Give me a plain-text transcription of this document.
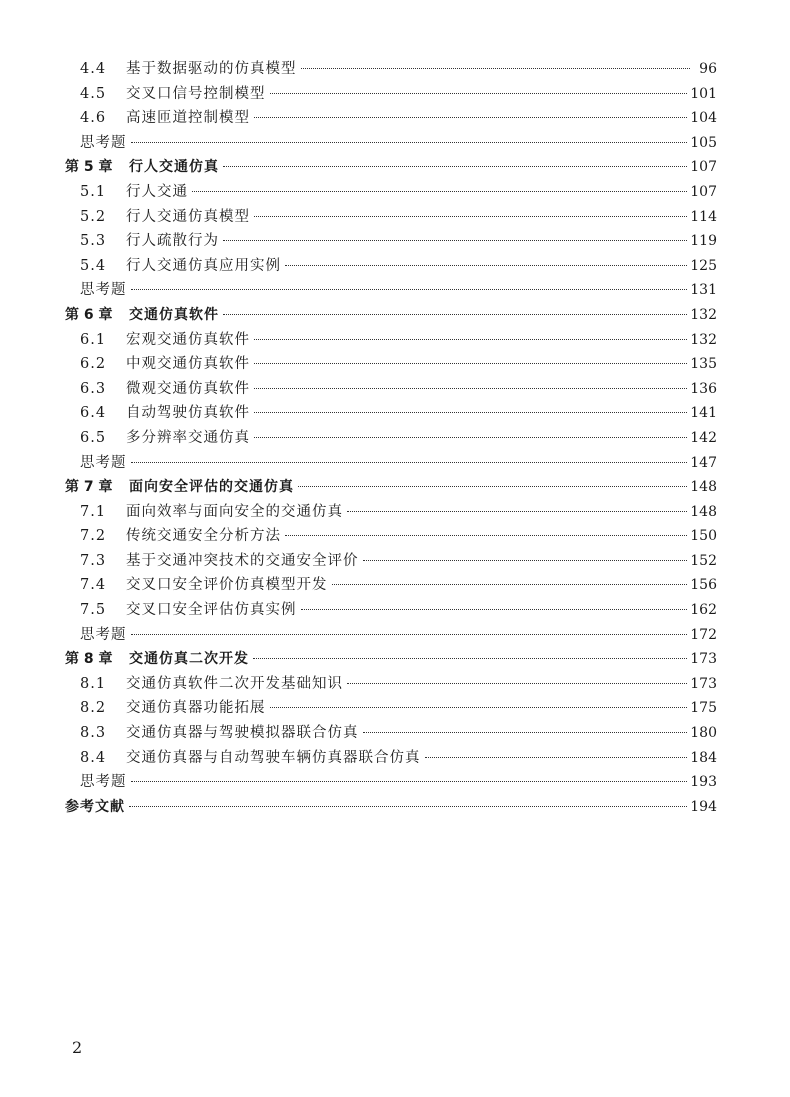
4.4	基于数据驱动的仿真模型	96
4.5	交叉口信号控制模型	101
4.6	高速匝道控制模型	104
思考题	105
第 5 章	行人交通仿真	107
5.1	行人交通	107
5.2	行人交通仿真模型	114
5.3	行人疏散行为	119
5.4	行人交通仿真应用实例	125
思考题	131
第 6 章	交通仿真软件	132
6.1	宏观交通仿真软件	132
6.2	中观交通仿真软件	135
6.3	微观交通仿真软件	136
6.4	自动驾驶仿真软件	141
6.5	多分辨率交通仿真	142
思考题	147
第 7 章	面向安全评估的交通仿真	148
7.1	面向效率与面向安全的交通仿真	148
7.2	传统交通安全分析方法	150
7.3	基于交通冲突技术的交通安全评价	152
7.4	交叉口安全评价仿真模型开发	156
7.5	交叉口安全评估仿真实例	162
思考题	172
第 8 章	交通仿真二次开发	173
8.1	交通仿真软件二次开发基础知识	173
8.2	交通仿真器功能拓展	175
8.3	交通仿真器与驾驶模拟器联合仿真	180
8.4	交通仿真器与自动驾驶车辆仿真器联合仿真	184
思考题	193
参考文献	194
2
